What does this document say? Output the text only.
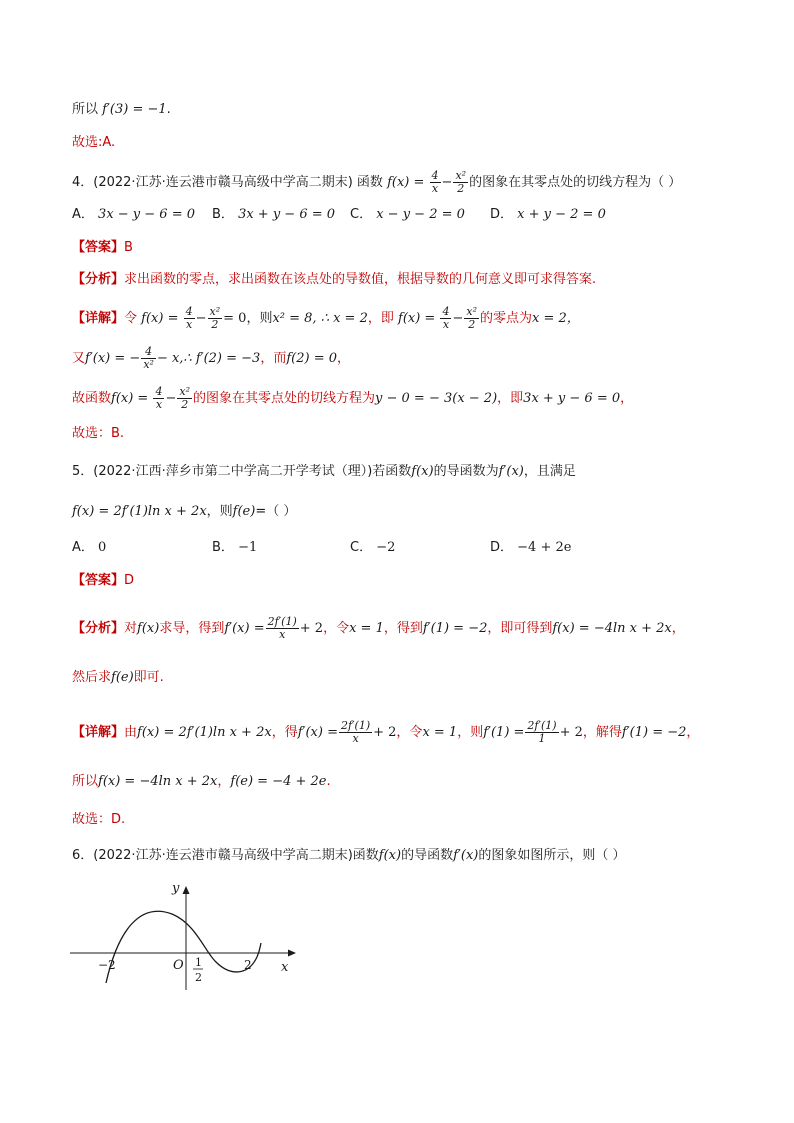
所以 f′(3) = −1.
故选:A.
4．(2022·江苏·连云港市赣马高级中学高二期末) 函数 $f(x) = \frac{4}{x} - \frac{\text{x²}}{2}$ 的图象在其零点处的切线方程为（ ）
A． 3x − y − 6 = 0 B． 3x + y − 6 = 0 C． x − y − 2 = 0 D． x + y − 2 = 0
【答案】B
【分析】求出函数的零点，求出函数在该点处的导数值，根据导数的几何意义即可求得答案.
【详解】令 $f(x) = \frac{4}{x} - \frac{\text{x²}}{2} = 0$，则x² = 8, ∴ x = 2，即 $f(x) = \frac{4}{x} - \frac{\text{x²}}{2}$ 的零点为x = 2，
又f′(x) = − $\frac{4}{\text{x²}}$ − x,∴ f′(2) = −3，而f(2) = 0，
故函数$f(x) = \frac{4}{x} - \frac{\text{x²}}{2}$ 的图象在其零点处的切线方程为y − 0 = − 3(x − 2)，即3x + y − 6 = 0，
故选：B.
5．(2022·江西·萍乡市第二中学高二开学考试（理）)若函数f(x)的导函数为f′(x)，且满足
f(x) = 2f′(1)ln x + 2x，则f(e)=（ ）
A． 0	B． −1	C． −2	D． −4 + 2e
【答案】D
【分析】对f(x)求导，得到$f'(x) = \frac{2f'(1)}{x} + 2$，令x = 1，得到f′(1) = −2，即可得到f(x) = −4ln x + 2x，
然后求f(e)即可.
【详解】由f(x) = 2f′(1)ln x + 2x，得$f'(x) = \frac{2f'(1)}{x} + 2$，令x = 1，则$f'(1) = \frac{2f'(1)}{1} + 2$，解得f′(1) = −2，
所以f(x) = −4ln x + 2x，f(e) = −4 + 2e.
故选：D.
6．(2022·江苏·连云港市赣马高级中学高二期末)函数f(x)的导函数f′(x)的图象如图所示，则（ ）
y
x
O
−2	1
2
2
